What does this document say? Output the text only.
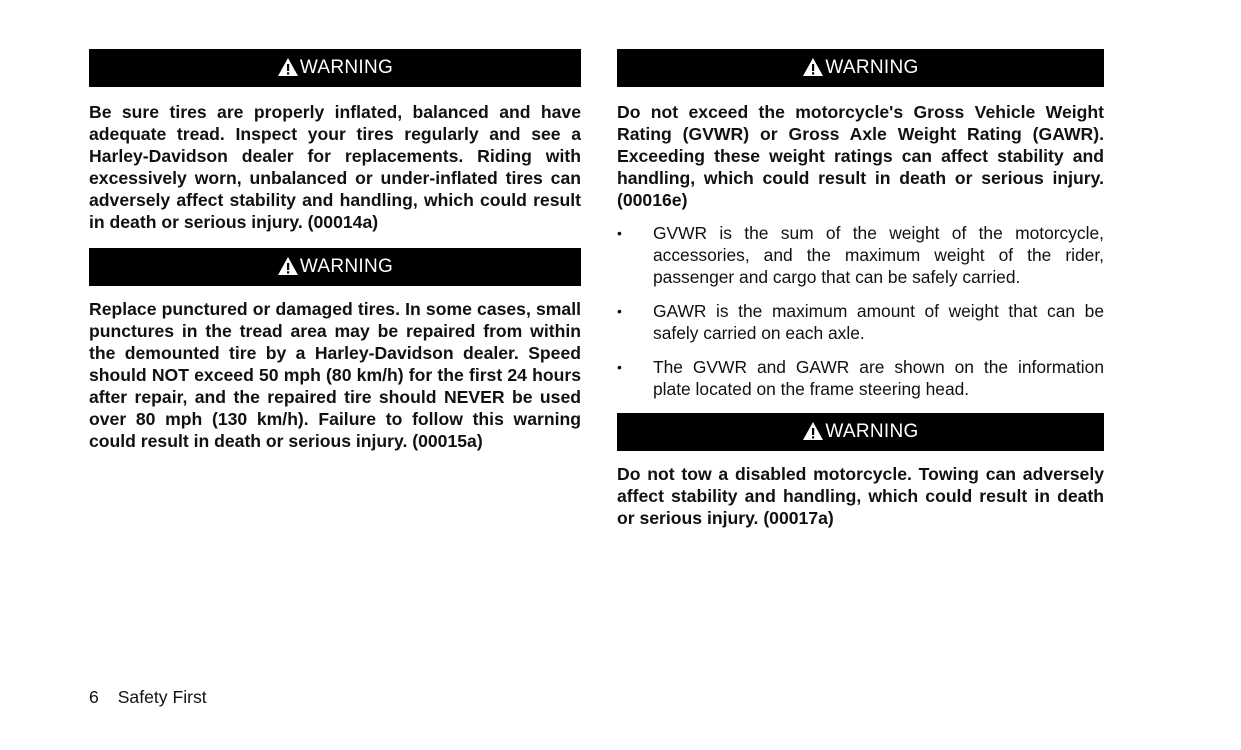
WARNING

Be sure tires are properly inflated, balanced and have adequate tread. Inspect your tires regularly and see a Harley-Davidson dealer for replacements. Riding with excessively worn, unbalanced or under-inflated tires can adversely affect stability and handling, which could result in death or serious injury. (00014a)

WARNING

Replace punctured or damaged tires. In some cases, small punctures in the tread area may be repaired from within the demounted tire by a Harley-Davidson dealer. Speed should NOT exceed 50 mph (80 km/h) for the first 24 hours after repair, and the repaired tire should NEVER be used over 80 mph (130 km/h). Failure to follow this warning could result in death or serious injury. (00015a)

WARNING

Do not exceed the motorcycle's Gross Vehicle Weight Rating (GVWR) or Gross Axle Weight Rating (GAWR). Exceeding these weight ratings can affect stability and handling, which could result in death or serious injury. (00016e)

• GVWR is the sum of the weight of the motorcycle, accessories, and the maximum weight of the rider, passenger and cargo that can be safely carried.
• GAWR is the maximum amount of weight that can be safely carried on each axle.
• The GVWR and GAWR are shown on the information plate located on the frame steering head.
WARNING

Do not tow a disabled motorcycle. Towing can adversely affect stability and handling, which could result in death or serious injury. (00017a)

6 Safety First
